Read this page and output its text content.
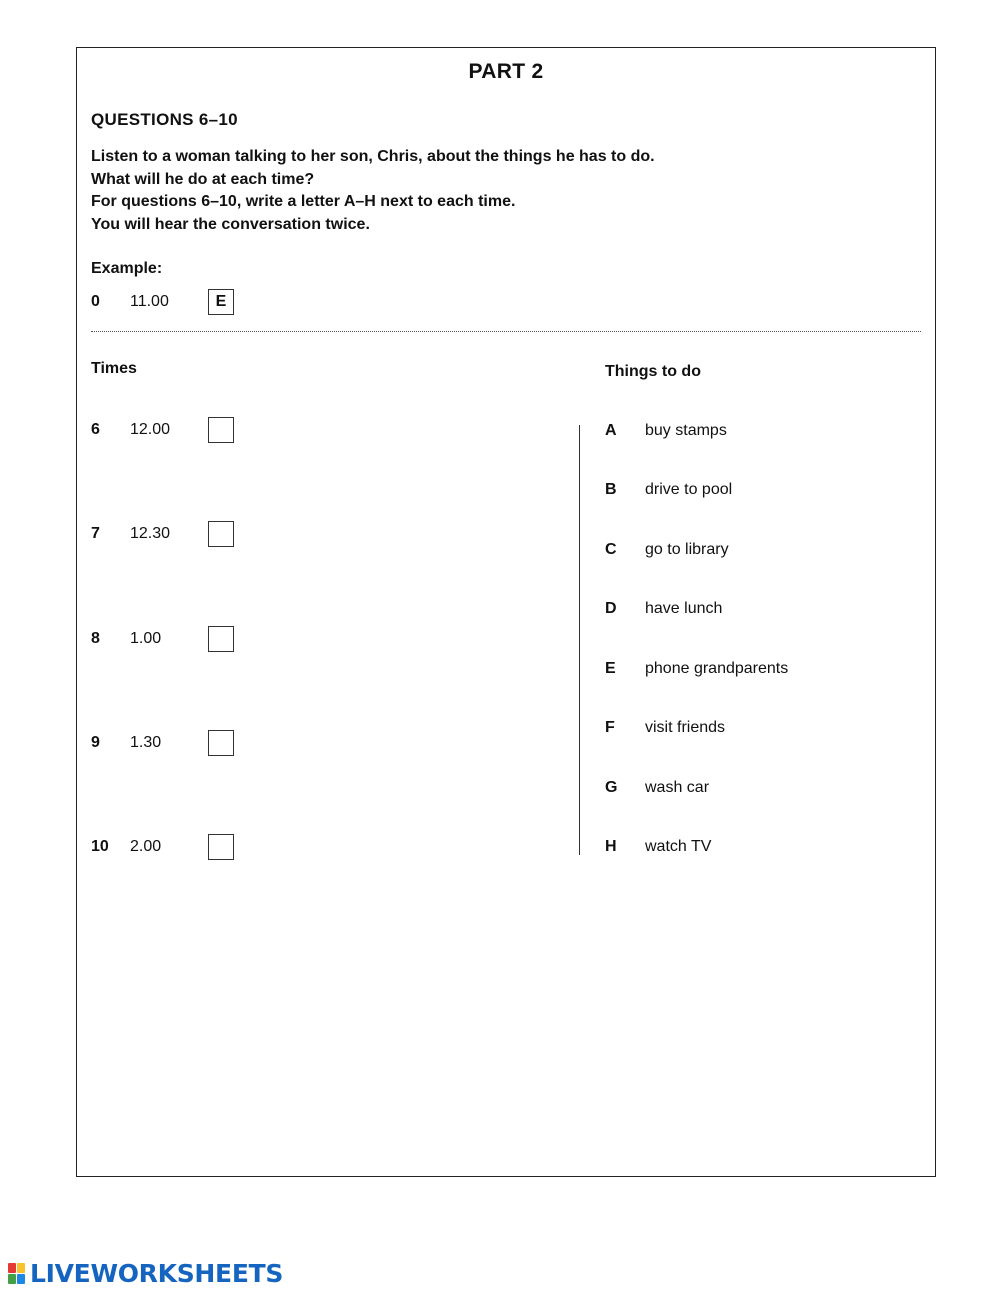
PART 2
QUESTIONS 6–10
Listen to a woman talking to her son, Chris, about the things he has to do.
What will he do at each time?
For questions 6–10, write a letter A–H next to each time.
You will hear the conversation twice.
Example:
0 11.00	E
Times	Things to do
6 12.00
7 12.30
8 1.00
9 1.30
10 2.00
A buy stamps
B drive to pool
C go to library
D have lunch
E phone grandparents
F visit friends
G wash car
H watch TV
LIVEWORKSHEETS
